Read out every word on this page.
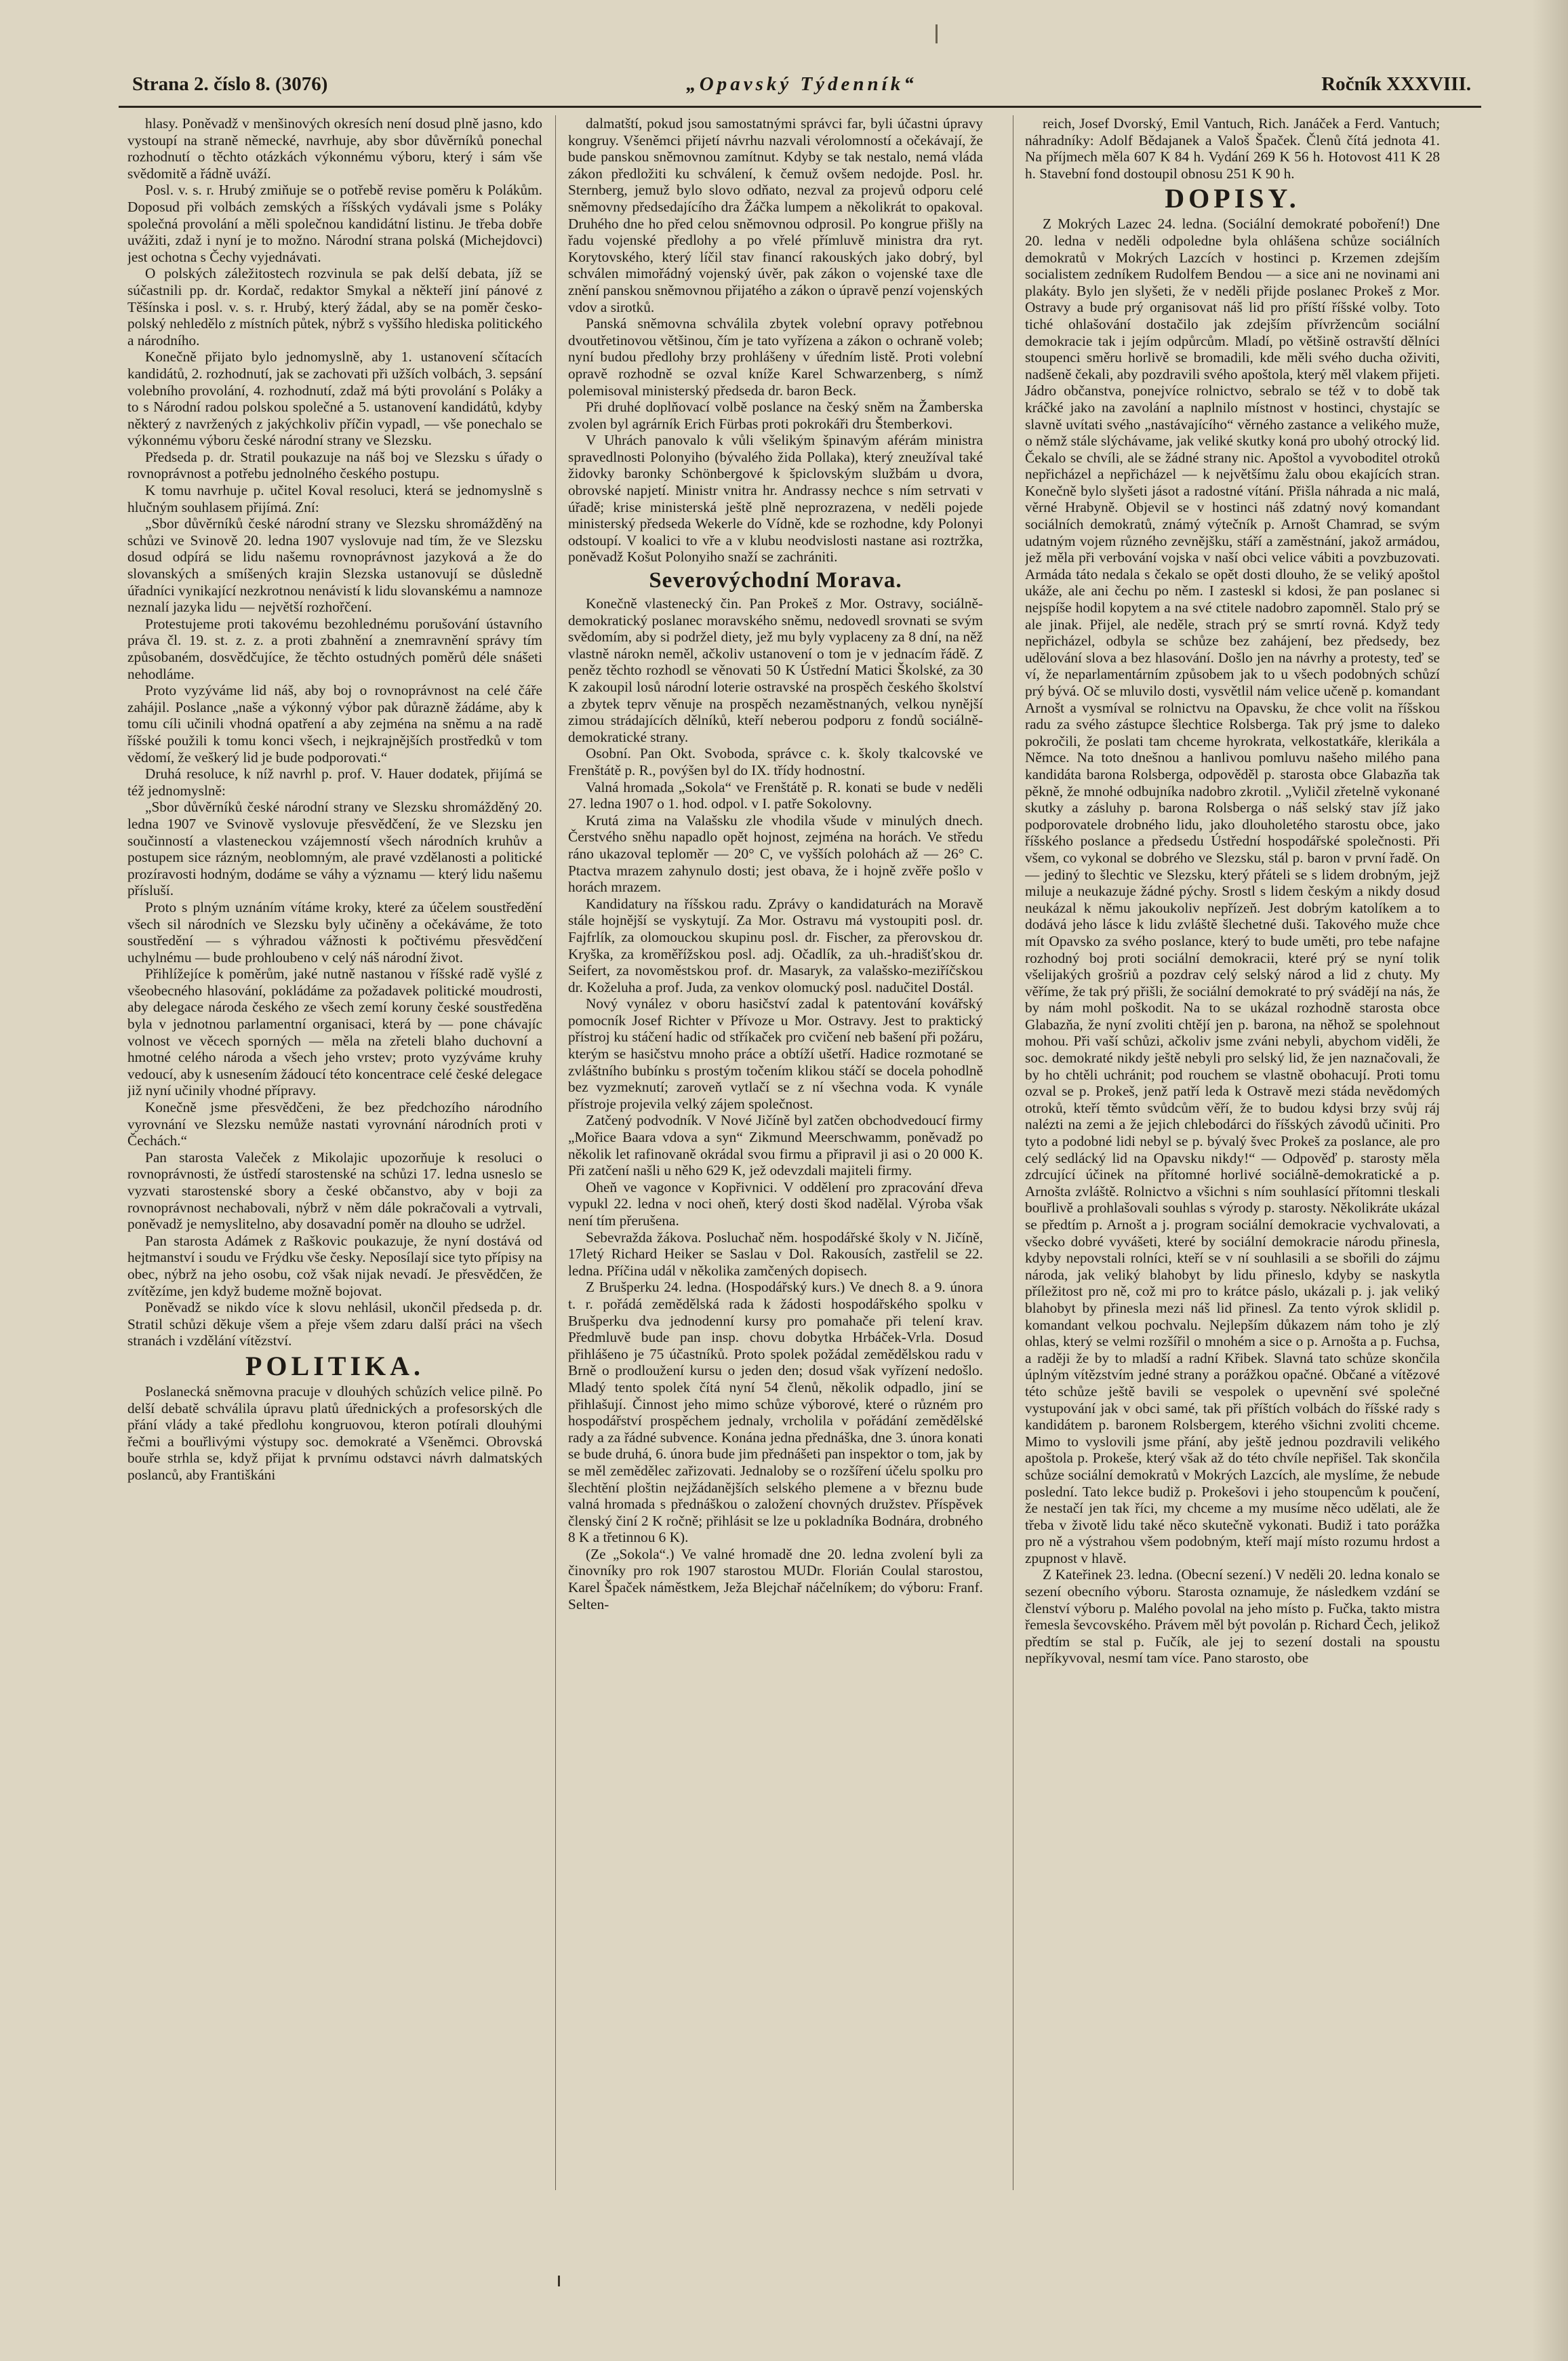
„Opavský Týdenník“
Strana 2. číslo 8. (3076)	Ročník XXXVIII.

hlasy. Poněvadž v menšinových okresích není dosud plně jasno, kdo vystoupí na straně německé, navrhuje, aby sbor důvěrníků ponechal rozhodnutí o těchto otázkách výkonnému výboru, který i sám vše svědomitě a řádně uváží.

Posl. v. s. r. Hrubý zmiňuje se o potřebě revise poměru k Polákům. Doposud při volbách zemských a říšských vydávali jsme s Poláky společná provolání a měli společnou kandidátní listinu. Je třeba dobře uvážiti, zdaž i nyní je to možno. Národní strana polská (Michejdovci) jest ochotna s Čechy vyjednávati.

O polských záležitostech rozvinula se pak delší debata, jíž se súčastnili pp. dr. Kordač, redaktor Smykal a někteří jiní pánové z Těšínska i posl. v. s. r. Hrubý, který žádal, aby se na poměr česko-polský nehledělo z místních půtek, nýbrž s vyššího hlediska politického a národního.

Konečně přijato bylo jednomyslně, aby 1. ustanovení sčítacích kandidátů, 2. rozhodnutí, jak se zachovati při užších volbách, 3. sepsání volebního provolání, 4. rozhodnutí, zdaž má býti provolání s Poláky a to s Národní radou polskou společné a 5. ustanovení kandidátů, kdyby některý z navržených z jakýchkoliv příčin vypadl, — vše ponechalo se výkonnému výboru české národní strany ve Slezsku.

Předseda p. dr. Stratil poukazuje na náš boj ve Slezsku s úřady o rovnoprávnost a potřebu jednolného českého postupu.

K tomu navrhuje p. učitel Koval resoluci, která se jednomyslně s hlučným souhlasem přijímá. Zní:

„Sbor důvěrníků české národní strany ve Slezsku shromážděný na schůzi ve Svinově 20. ledna 1907 vyslovuje nad tím, že ve Slezsku dosud odpírá se lidu našemu rovnoprávnost jazyková a že do slovanských a smíšených krajin Slezska ustanovují se důsledně úřadníci vynikající nezkrotnou nenávistí k lidu slovanskému a namnoze neznalí jazyka lidu — největší rozhořčení.

Protestujeme proti takovému bezohlednému porušování ústavního práva čl. 19. st. z. z. a proti zbahnění a znemravnění správy tím způsobaném, dosvědčujíce, že těchto ostudných poměrů déle snášeti nehodláme.

Proto vyzýváme lid náš, aby boj o rovnoprávnost na celé čáře zahájil. Poslance „naše a výkonný výbor pak důrazně žádáme, aby k tomu cíli učinili vhodná opatření a aby zejména na sněmu a na radě říšské použili k tomu konci všech, i nejkrajnějších prostředků v tom vědomí, že veškerý lid je bude podporovati.“

Druhá resoluce, k níž navrhl p. prof. V. Hauer dodatek, přijímá se též jednomyslně:

„Sbor důvěrníků české národní strany ve Slezsku shromážděný 20. ledna 1907 ve Svinově vyslovuje přesvědčení, že ve Slezsku jen součinností a vlasteneckou vzájemností všech národních kruhův a postupem sice rázným, neoblomným, ale pravé vzdělanosti a politické prozíravosti hodným, dodáme se váhy a významu — který lidu našemu přísluší.

Proto s plným uznáním vítáme kroky, které za účelem soustředění všech sil národních ve Slezsku byly učiněny a očekáváme, že toto soustředění — s výhradou vážnosti k počtivému přesvědčení uchylnému — bude prohloubeno v celý náš národní život.

Přihlížejíce k poměrům, jaké nutně nastanou v říšské radě vyšlé z všeobecného hlasování, pokládáme za požadavek politické moudrosti, aby delegace národa českého ze všech zemí koruny české soustředěna byla v jednotnou parlamentní organisaci, která by — pone chávajíc volnost ve věcech sporných — měla na zřeteli blaho duchovní a hmotné celého národa a všech jeho vrstev; proto vyzýváme kruhy vedoucí, aby k usnesením žádoucí této koncentrace celé české delegace již nyní učinily vhodné přípravy.

Konečně jsme přesvědčeni, že bez předchozího národního vyrovnání ve Slezsku nemůže nastati vyrovnání národních proti v Čechách.“

Pan starosta Valeček z Mikolajic upozorňuje k resoluci o rovnoprávnosti, že ústředí starostenské na schůzi 17. ledna usneslo se vyzvati starostenské sbory a české občanstvo, aby v boji za rovnoprávnost nechabovali, nýbrž v něm dále pokračovali a vytrvali, poněvadž je nemyslitelno, aby dosavadní poměr na dlouho se udržel.

Pan starosta Adámek z Raškovic poukazuje, že nyní dostává od hejtmanství i soudu ve Frýdku vše česky. Neposílají sice tyto přípisy na obec, nýbrž na jeho osobu, což však nijak nevadí. Je přesvědčen, že zvítězíme, jen když budeme možně bojovat.

Poněvadž se nikdo více k slovu nehlásil, ukončil předseda p. dr. Stratil schůzi děkuje všem a přeje všem zdaru další práci na všech stranách i vzdělání vítězství.

POLITIKA.

Poslanecká sněmovna pracuje v dlouhých schůzích velice pilně. Po delší debatě schválila úpravu platů úřednických a profesorských dle přání vlády a také předlohu kongruovou, kteron potírali dlouhými řečmi a bouřlivými výstupy soc. demokraté a Všeněmci. Obrovská bouře strhla se, když přijat k prvnímu odstavci návrh dalmatských poslanců, aby Františkáni

dalmatští, pokud jsou samostatnými správci far, byli účastni úpravy kongruy. Všeněmci přijetí návrhu nazvali vérolomností a očekávají, že bude panskou sněmovnou zamítnut. Kdyby se tak nestalo, nemá vláda zákon předložiti ku schválení, k čemuž ovšem nedojde. Posl. hr. Sternberg, jemuž bylo slovo odňato, nezval za projevů odporu celé sněmovny předsedajícího dra Žáčka lumpem a několikrát to opakoval. Druhého dne ho před celou sněmovnou odprosil. Po kongrue přišly na řadu vojenské předlohy a po vřelé přímluvě ministra dra ryt. Korytovského, který líčil stav financí rakouských jako dobrý, byl schválen mimořádný vojenský úvěr, pak zákon o vojenské taxe dle znění panskou sněmovnou přijatého a zákon o úpravě penzí vojenských vdov a sirotků.

Panská sněmovna schválila zbytek volební opravy potřebnou dvoutřetinovou většinou, čím je tato vyřízena a zákon o ochraně voleb; nyní budou předlohy brzy prohlášeny v úředním listě. Proti volební opravě rozhodně se ozval kníže Karel Schwarzenberg, s nímž polemisoval ministerský předseda dr. baron Beck.

Při druhé doplňovací volbě poslance na český sněm na Žamberska zvolen byl agrárník Erich Fürbas proti pokrokáři dru Štemberkovi.

V Uhrách panovalo k vůli všelikým špinavým aférám ministra spravedlnosti Polonyiho (bývalého žida Pollaka), který zneužíval také židovky baronky Schönbergové k špiclovským službám u dvora, obrovské napjetí. Ministr vnitra hr. Andrassy nechce s ním setrvati v úřadě; krise ministerská ještě plně neprozrazena, v neděli pojede ministerský předseda Wekerle do Vídně, kde se rozhodne, kdy Polonyi odstoupí. V koalici to vře a v klubu neodvislosti nastane asi roztržka, poněvadž Košut Polonyiho snaží se zachrániti.

Severovýchodní Morava.

Konečně vlastenecký čin. Pan Prokeš z Mor. Ostravy, sociálně-demokratický poslanec moravského sněmu, nedovedl srovnati se svým svědomím, aby si podržel diety, jež mu byly vyplaceny za 8 dní, na něž vlastně nárokn neměl, ačkoliv ustanovení o tom je v jednacím řádě. Z peněz těchto rozhodl se věnovati 50 K Ústřední Matici Školské, za 30 K zakoupil losů národní loterie ostravské na prospěch českého školství a zbytek teprv věnuje na prospěch nezaměstnaných, velkou nynější zimou strádajících dělníků, kteří neberou podporu z fondů sociálně-demokratické strany.

Osobní. Pan Okt. Svoboda, správce c. k. školy tkalcovské ve Frenštátě p. R., povýšen byl do IX. třídy hodnostní.

Valná hromada „Sokola“ ve Frenštátě p. R. konati se bude v neděli 27. ledna 1907 o 1. hod. odpol. v I. patře Sokolovny.

Krutá zima na Valašsku zle vhodila všude v minulých dnech. Čerstvého sněhu napadlo opět hojnost, zejména na horách. Ve středu ráno ukazoval teploměr — 20° C, ve vyšších polohách až — 26° C. Ptactva mrazem zahynulo dosti; jest obava, že i hojně zvěře pošlo v horách mrazem.

Kandidatury na říšskou radu. Zprávy o kandidaturách na Moravě stále hojnější se vyskytují. Za Mor. Ostravu má vystoupiti posl. dr. Fajfrlík, za olomouckou skupinu posl. dr. Fischer, za přerovskou dr. Kryška, za kroměřížskou posl. adj. Očadlík, za uh.-hradišťskou dr. Seifert, za novoměstskou prof. dr. Masaryk, za valašsko-meziříčskou dr. Koželuha a prof. Juda, za venkov olomucký posl. nadučitel Dostál.

Nový vynález v oboru hasičství zadal k patentování kovářský pomocník Josef Richter v Přívoze u Mor. Ostravy. Jest to praktický přístroj ku stáčení hadic od stříkaček pro cvičení neb bašení při požáru, kterým se hasičstvu mnoho práce a obtíží ušetří. Hadice rozmotané se zvláštního bubínku s prostým točením klikou stáčí se docela pohodlně bez vyzmeknutí; zaroveň vytlačí se z ní všechna voda. K vynále přístroje projevila velký zájem společnost.

Zatčený podvodník. V Nové Jičíně byl zatčen obchodvedoucí firmy „Mořice Baara vdova a syn“ Zikmund Meerschwamm, poněvadž po několik let rafinovaně okrádal svou firmu a připravil ji asi o 20 000 K. Při zatčení našli u něho 629 K, jež odevzdali majiteli firmy.

Oheň ve vagonce v Kopřivnici. V oddělení pro zpracování dřeva vypukl 22. ledna v noci oheň, který dosti škod nadělal. Výroba však není tím přerušena.

Sebevražda žákova. Posluchač něm. hospodářské školy v N. Jičíně, 17letý Richard Heiker se Saslau v Dol. Rakousích, zastřelil se 22. ledna. Příčina udál v několika zamčených dopisech.

Z Brušperku 24. ledna. (Hospodářský kurs.) Ve dnech 8. a 9. února t. r. pořádá zemědělská rada k žádosti hospodářského spolku v Brušperku dva jednodenní kursy pro pomahače při telení krav. Předmluvě bude pan insp. chovu dobytka Hrbáček-Vrla. Dosud přihlášeno je 75 účastníků. Proto spolek požádal zemědělskou radu v Brně o prodloužení kursu o jeden den; dosud však vyřízení nedošlo. Mladý tento spolek čítá nyní 54 členů, několik odpadlo, jiní se přihlašují. Činnost jeho mimo schůze výborové, které o různém pro hospodářství prospěchem jednaly, vrcholila v pořádání zemědělské rady a za řádné subvence. Konána jedna přednáška, dne 3. února konati se bude druhá, 6. února bude jim přednášeti pan inspektor o tom, jak by se měl zemědělec zařizovati. Jednaloby se o rozšíření účelu spolku pro šlechtění ploštin nejžádanějších selského plemene a v březnu bude valná hromada s přednáškou o založení chovných družstev. Příspěvek členský činí 2 K ročně; přihlásit se lze u pokladníka Bodnára, drobného 8 K a třetinnou 6 K).

(Ze „Sokola“.) Ve valné hromadě dne 20. ledna zvolení byli za činovníky pro rok 1907 starostou MUDr. Florián Coulal starostou, Karel Špaček náměstkem, Ježa Blejchař náčelníkem; do výboru: Franf. Selten-

reich, Josef Dvorský, Emil Vantuch, Rich. Janáček a Ferd. Vantuch; náhradníky: Adolf Bědajanek a Valoš Špaček. Členů čítá jednota 41. Na příjmech měla 607 K 84 h. Vydání 269 K 56 h. Hotovost 411 K 28 h. Stavební fond dostoupil obnosu 251 K 90 h.

DOPISY.

Z Mokrých Lazec 24. ledna. (Sociální demokraté poboření!) Dne 20. ledna v neděli odpoledne byla ohlášena schůze sociálních demokratů v Mokrých Lazcích v hostinci p. Krzemen zdejším socialistem zedníkem Rudolfem Bendou — a sice ani ne novinami ani plakáty. Bylo jen slyšeti, že v neděli přijde poslanec Prokeš z Mor. Ostravy a bude prý organisovat náš lid pro příští říšské volby. Toto tiché ohlašování dostačilo jak zdejším přívržencům sociální demokracie tak i jejím odpůrcům. Mladí, po většině ostravští dělníci stoupenci směru horlivě se bromadili, kde měli svého ducha oživiti, nadšeně čekali, aby pozdravili svého apoštola, který měl vlakem přijeti. Jádro občanstva, ponejvíce rolnictvo, sebralo se též v to době tak kráčké jako na zavolání a naplnilo místnost v hostinci, chystajíc se slavně uvítati svého „nastávajícího“ věrného zastance a velikého muže, o němž stále slýchávame, jak veliké skutky koná pro ubohý otrocký lid. Čekalo se chvíli, ale se žádné strany nic. Apoštol a vyvoboditel otroků nepřicházel a nepřicházel — k největšímu žalu obou ekajících stran. Konečně bylo slyšeti jásot a radostné vítání. Přišla náhrada a nic malá, věrné Hrabyně. Objevil se v hostinci náš zdatný nový komandant sociálních demokratů, známý výtečník p. Arnošt Chamrad, se svým udatným vojem různého zevnějšku, stáří a zaměstnání, jakož armádou, jež měla při verbování vojska v naší obci velice vábiti a povzbuzovati. Armáda táto nedala s čekalo se opět dosti dlouho, že se veliký apoštol ukáže, ale ani čechu po něm. I zasteskl si kdosi, že pan poslanec si nejspíše hodil kopytem a na své ctitele nadobro zapomněl. Stalo prý se ale jinak. Přijel, ale neděle, strach prý se smrtí rovná. Když tedy nepřicházel, odbyla se schůze bez zahájení, bez předsedy, bez udělování slova a bez hlasování. Došlo jen na návrhy a protesty, teď se ví, že neparlamentárním způsobem jak to u všech podobných schůzí prý bývá. Oč se mluvilo dosti, vysvětlil nám velice učeně p. komandant Arnošt a vysmíval se rolnictvu na Opavsku, že chce volit na říšskou radu za svého zástupce šlechtice Rolsberga. Tak prý jsme to daleko pokročili, že poslati tam chceme hyrokrata, velkostatkáře, klerikála a Němce. Na toto dnešnou a hanlivou pomluvu našeho milého pana kandidáta barona Rolsberga, odpověděl p. starosta obce Glabazňa tak pěkně, že mnohé odbujníka nadobro zkrotil. „Vyličil zřetelně vykonané skutky a zásluhy p. barona Rolsberga o náš selský stav jíž jako podporovatele drobného lidu, jako dlouholetého starostu obce, jako říšského poslance a předsedu Ústřední hospodářské společnosti. Při všem, co vykonal se dobrého ve Slezsku, stál p. baron v první řadě. On — jediný to šlechtic ve Slezsku, který přáteli se s lidem drobným, jejž miluje a neukazuje žádné pýchy. Srostl s lidem českým a nikdy dosud neukázal k němu jakoukoliv nepřízeň. Jest dobrým katolíkem a to dodává jeho lásce k lidu zvláště šlechetné duši. Takového muže chce mít Opavsko za svého poslance, který to bude uměti, pro tebe nafajne rozhodný boj proti sociální demokracii, které prý se nyní tolik všelijakých grošriů a pozdrav celý selský národ a lid z chuty. My věříme, že tak prý přišli, že sociální demokraté to prý svádějí na nás, že by nám mohl poškodit. Na to se ukázal rozhodně starosta obce Glabazňa, že nyní zvoliti chtějí jen p. barona, na něhož se spolehnout mohou. Při vaší schůzi, ačkoliv jsme zváni nebyli, abychom viděli, že soc. demokraté nikdy ještě nebyli pro selský lid, že jen naznačovali, že by ho chtěli uchránit; pod rouchem se vlastně obohacují. Proti tomu ozval se p. Prokeš, jenž patří leda k Ostravě mezi stáda nevědomých otroků, kteří těmto svůdcům věří, že to budou kdysi brzy svůj ráj nalézti na zemi a že jejich chlebodárci do říšských závodů učiniti. Pro tyto a podobné lidi nebyl se p. bývalý švec Prokeš za poslance, ale pro celý sedlácký lid na Opavsku nikdy!“ — Odpověď p. starosty měla zdrcující účinek na přítomné horlivé sociálně-demokratické a p. Arnošta zvláště. Rolnictvo a všichni s ním souhlasící přítomni tleskali bouřlivě a prohlašovali souhlas s výrody p. starosty. Několikráte ukázal se předtím p. Arnošt a j. program sociální demokracie vychvalovati, a všecko dobré vyvášeti, které by sociální demokracie národu přinesla, kdyby nepovstali rolníci, kteří se v ní souhlasili a se sbořili do zájmu národa, jak veliký blahobyt by lidu přineslo, kdyby se naskytla příležitost pro ně, což mi pro to krátce páslo, ukázali p. j. jak veliký blahobyt by přinesla mezi náš lid přinesl. Za tento výrok sklidil p. komandant velkou pochvalu. Nejlepším důkazem nám toho je zlý ohlas, který se velmi rozšířil o mnohém a sice o p. Arnošta a p. Fuchsa, a raději že by to mladší a radní Křibek. Slavná tato schůze skončila úplným vítězstvím jedné strany a porážkou opačné. Občané a vítězové této schůze ještě bavili se vespolek o upevnění své společné vystupování jak v obci samé, tak při příštích volbách do říšské rady s kandidátem p. baronem Rolsbergem, kterého všichni zvoliti chceme. Mimo to vyslovili jsme přání, aby ještě jednou pozdravili velikého apoštola p. Prokeše, který však až do této chvíle nepřišel. Tak skončila schůze sociální demokratů v Mokrých Lazcích, ale myslíme, že nebude poslední. Tato lekce budiž p. Prokešovi i jeho stoupencům k poučení, že nestačí jen tak říci, my chceme a my musíme něco udělati, ale že třeba v životě lidu také něco skutečně vykonati. Budiž i tato porážka pro ně a výstrahou všem podobným, kteří mají místo rozumu hrdost a zpupnost v hlavě.

Z Kateřinek 23. ledna. (Obecní sezení.) V neděli 20. ledna konalo se sezení obecního výboru. Starosta oznamuje, že následkem vzdání se členství výboru p. Malého povolal na jeho místo p. Fučka, takto mistra řemesla ševcovského. Právem měl být povolán p. Richard Čech, jelikož předtím se stal p. Fučík, ale jej to sezení dostali na spoustu nepříkyvoval, nesmí tam více. Pano starosto, obe
